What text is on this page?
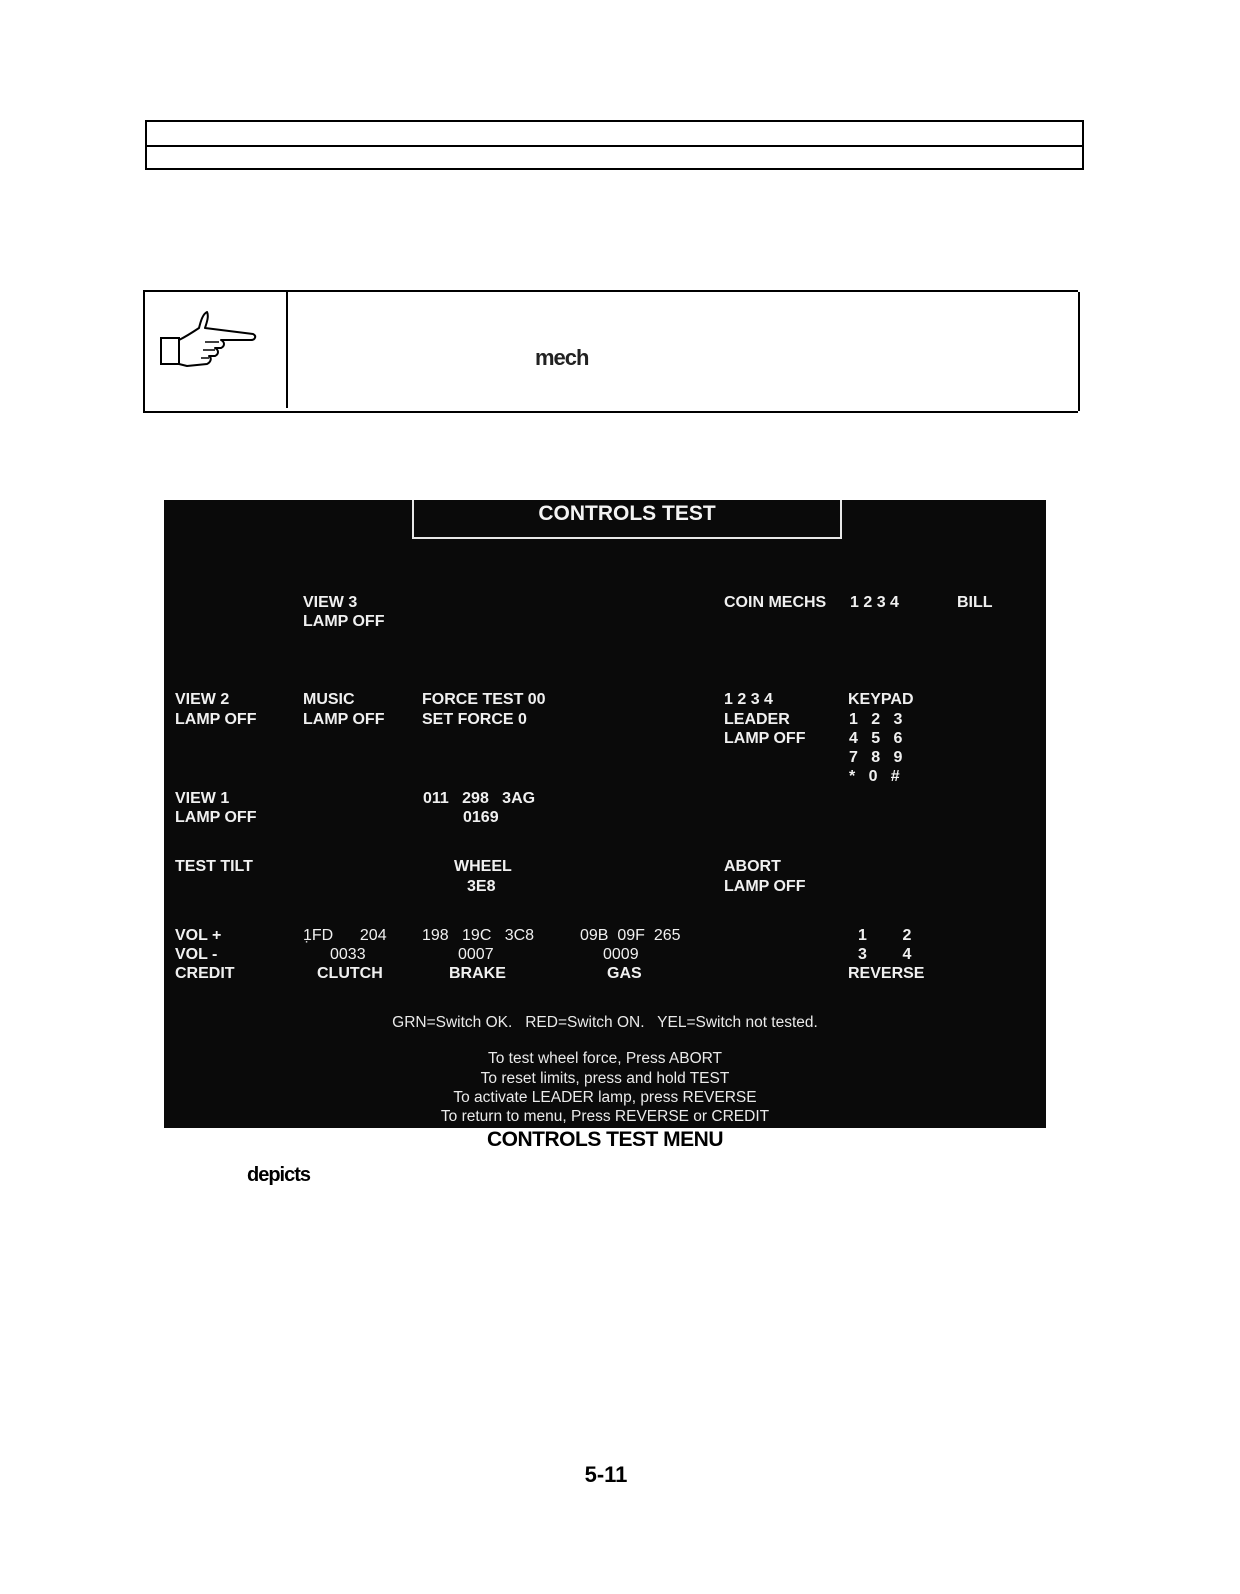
mech
CONTROLS TEST
VIEW 3
LAMP OFF
COIN MECHS 1 2 3 4	BILL
VIEW 2
LAMP OFF
MUSIC
LAMP OFF
FORCE TEST 00
SET FORCE 0
1 2 3 4
LEADER
LAMP OFF
KEYPAD
1   2   3
4   5   6
7   8   9
*   0   #
VIEW 1
LAMP OFF
011   298   3AG
0169
TEST TILT	WHEEL
3E8
ABORT
LAMP OFF
VOL +
VOL -
CREDIT
1̣FD      204
0033
CLUTCH
198   19C   3C8
0007
BRAKE
09B  09F  265
0009
GAS
1        2
3        4
REVERSE
GRN=Switch OK.   RED=Switch ON.   YEL=Switch not tested.
To test wheel force, Press ABORT
To reset limits, press and hold TEST
To activate LEADER lamp, press REVERSE
To return to menu, Press REVERSE or CREDIT
CONTROLS TEST MENU
depicts
5-11
